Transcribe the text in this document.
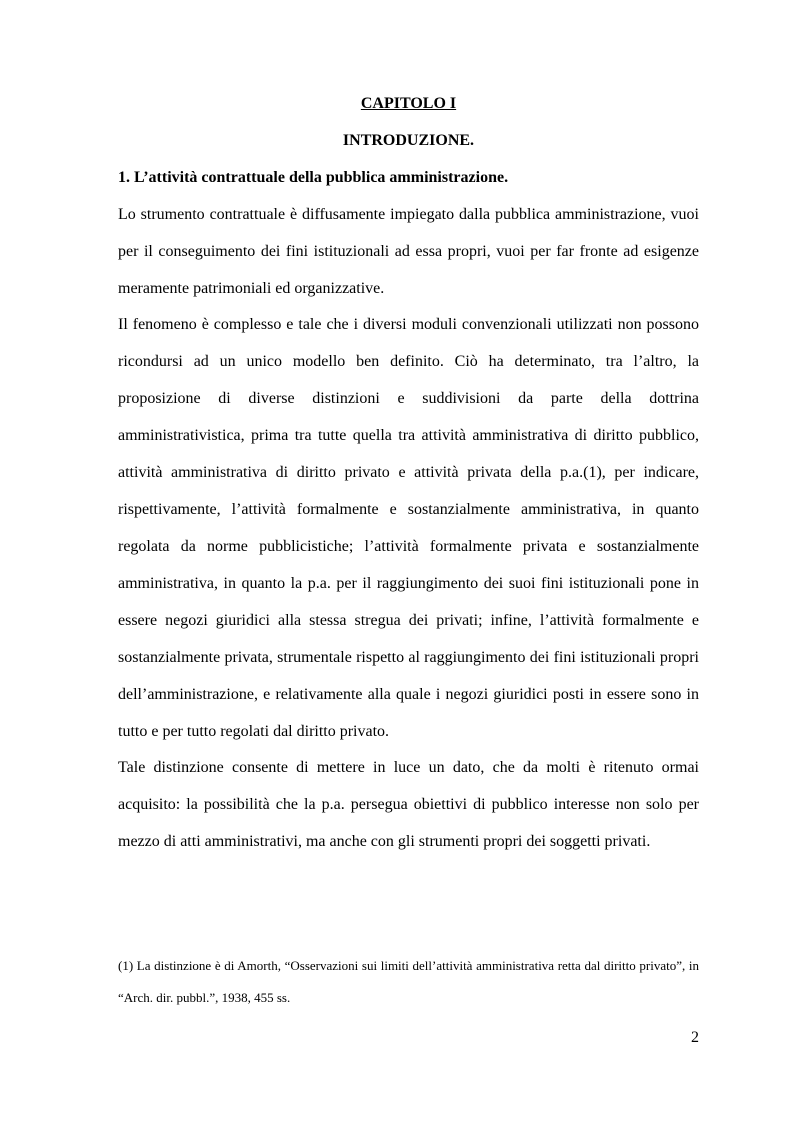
CAPITOLO I
INTRODUZIONE.
1. L’attività contrattuale della pubblica amministrazione.

Lo strumento contrattuale è diffusamente impiegato dalla pubblica amministrazione, vuoi per il conseguimento dei fini istituzionali ad essa propri, vuoi per far fronte ad esigenze meramente patrimoniali ed organizzative.

Il fenomeno è complesso e tale che i diversi moduli convenzionali utilizzati non possono ricondursi ad un unico modello ben definito. Ciò ha determinato, tra l’altro, la proposizione di diverse distinzioni e suddivisioni da parte della dottrina amministrativistica, prima tra tutte quella tra attività amministrativa di diritto pubblico, attività amministrativa di diritto privato e attività privata della p.a.(1), per indicare, rispettivamente, l’attività formalmente e sostanzialmente amministrativa, in quanto regolata da norme pubblicistiche; l’attività formalmente privata e sostanzialmente amministrativa, in quanto la p.a. per il raggiungimento dei suoi fini istituzionali pone in essere negozi giuridici alla stessa stregua dei privati; infine, l’attività formalmente e sostanzialmente privata, strumentale rispetto al raggiungimento dei fini istituzionali propri dell’amministrazione, e relativamente alla quale i negozi giuridici posti in essere sono in tutto e per tutto regolati dal diritto privato.

Tale distinzione consente di mettere in luce un dato, che da molti è ritenuto ormai acquisito: la possibilità che la p.a. persegua obiettivi di pubblico interesse non solo per mezzo di atti amministrativi, ma anche con gli strumenti propri dei soggetti privati.

(1) La distinzione è di Amorth, “Osservazioni sui limiti dell’attività amministrativa retta dal diritto privato”, in “Arch. dir. pubbl.”, 1938, 455 ss.

2
